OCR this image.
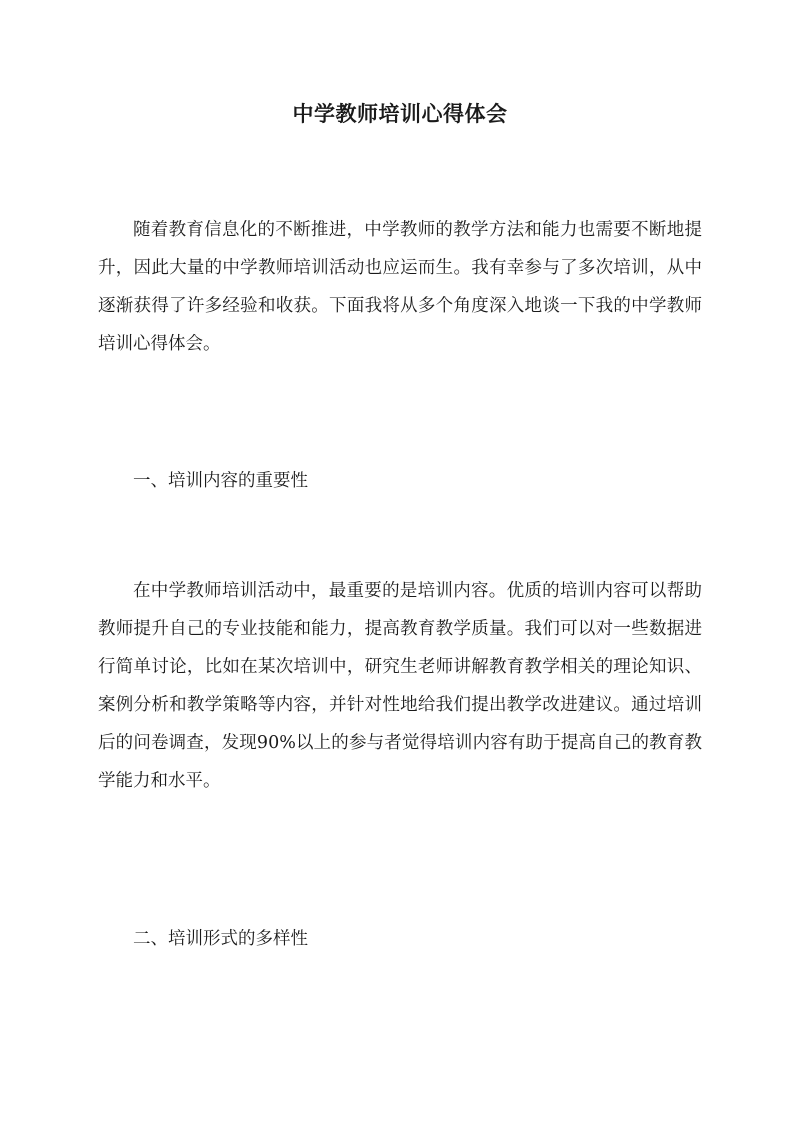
中学教师培训心得体会

随着教育信息化的不断推进，中学教师的教学方法和能力也需要不断地提升，因此大量的中学教师培训活动也应运而生。我有幸参与了多次培训，从中逐渐获得了许多经验和收获。下面我将从多个角度深入地谈一下我的中学教师培训心得体会。

一、培训内容的重要性

在中学教师培训活动中，最重要的是培训内容。优质的培训内容可以帮助教师提升自己的专业技能和能力，提高教育教学质量。我们可以对一些数据进行简单讨论，比如在某次培训中，研究生老师讲解教育教学相关的理论知识、案例分析和教学策略等内容，并针对性地给我们提出教学改进建议。通过培训后的问卷调查，发现90%以上的参与者觉得培训内容有助于提高自己的教育教学能力和水平。

二、培训形式的多样性
